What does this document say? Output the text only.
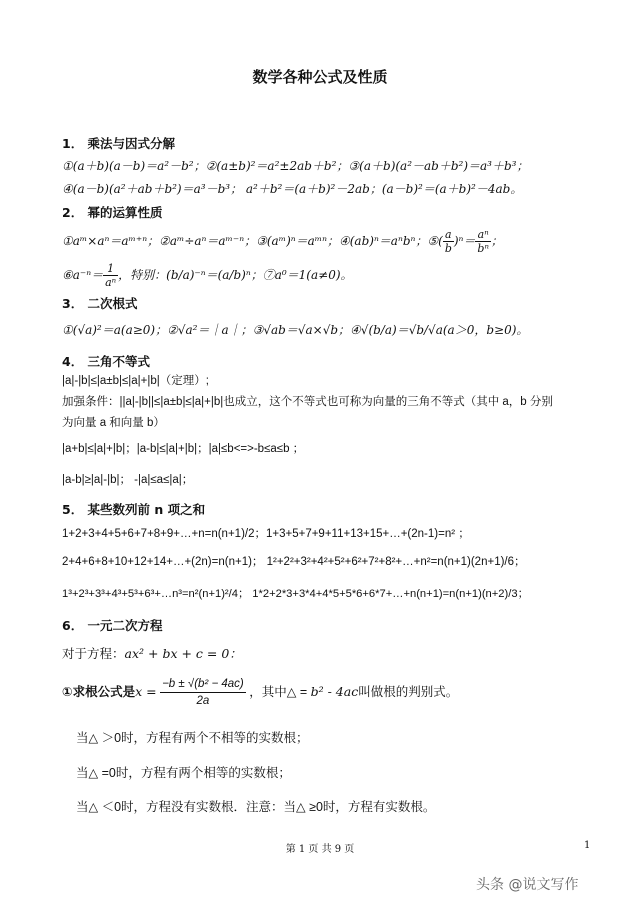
数学各种公式及性质
1． 乘法与因式分解
①(a＋b)(a－b)＝a²－b²；②(a±b)²＝a²±2ab＋b²；③(a＋b)(a²－ab＋b²)＝a³＋b³；
④(a－b)(a²＋ab＋b²)＝a³－b³； a²＋b²＝(a＋b)²－2ab；(a－b)²＝(a＋b)²－4ab。
2． 幂的运算性质
①aᵐ×aⁿ＝aᵐ⁺ⁿ；②aᵐ÷aⁿ＝aᵐ⁻ⁿ；③(aᵐ)ⁿ＝aᵐⁿ；④(ab)ⁿ＝aⁿbⁿ；⑤( $\frac{a}{b} )^n= \frac{\text{aⁿ}}{\text{bⁿ}}$ ；
⑥a⁻ⁿ＝ $\frac{1}{\text{aⁿ}}$ ，特别：(b/a)⁻ⁿ＝(a/b)ⁿ；⑦a⁰＝1(a≠0)。
3． 二次根式
①(√a)²＝a(a≥0)；②√a²＝｜a｜；③√ab＝√a×√b；④√(b/a)＝√b/√a(a＞0，b≥0)。
4． 三角不等式
|a|-|b|≤|a±b|≤|a|+|b|（定理）;
加强条件：||a|-|b||≤|a±b|≤|a|+|b|也成立，这个不等式也可称为向量的三角不等式（其中 a，b 分别
为向量 a 和向量 b）
|a+b|≤|a|+|b|；|a-b|≤|a|+|b|；|a|≤b<=>-b≤a≤b ；
|a-b|≥|a|-|b|； -|a|≤a≤|a|；
5． 某些数列前 n 项之和
1+2+3+4+5+6+7+8+9+…+n=n(n+1)/2；1+3+5+7+9+11+13+15+…+(2n-1)=n² ；
2+4+6+8+10+12+14+…+(2n)=n(n+1)； 1²+2²+3²+4²+5²+6²+7²+8²+…+n²=n(n+1)(2n+1)/6；
1³+2³+3³+4³+5³+6³+…n³=n²(n+1)²/4； 1*2+2*3+3*4+4*5+5*6+6*7+…+n(n+1)=n(n+1)(n+2)/3；
6． 一元二次方程
对于方程：ax² + bx + c = 0：
①求根公式是$x = \frac{\text{−b ± √(b² − 4ac)}}{2a}$ ，其中△ = b² - 4ac叫做根的判别式。
当△ ＞0时，方程有两个不相等的实数根；
当△ =0时，方程有两个相等的实数根；
当△ ＜0时，方程没有实数根．注意：当△ ≥0时，方程有实数根。
第 1 页 共 9 页	1
头条 @说文写作
